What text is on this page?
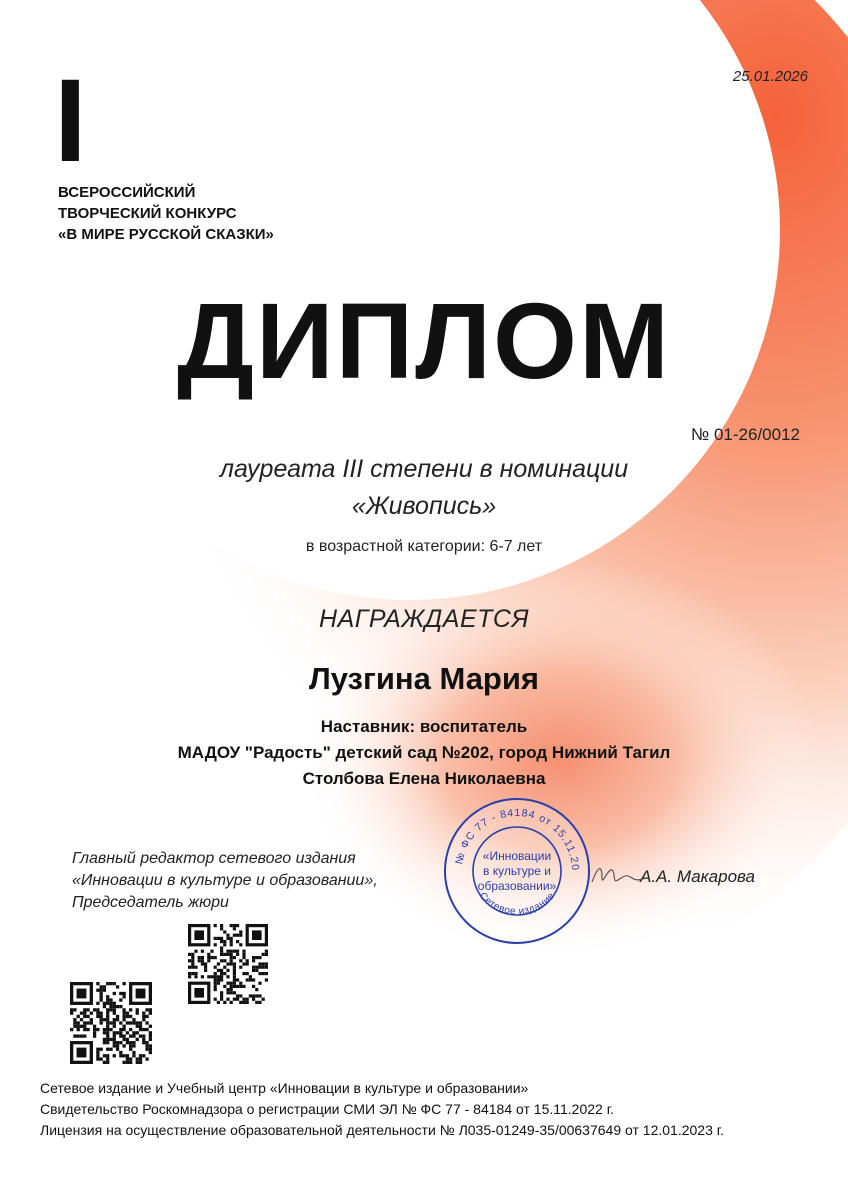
25.01.2026
I
ВСЕРОССИЙСКИЙ
ТВОРЧЕСКИЙ КОНКУРС
«В МИРЕ РУССКОЙ СКАЗКИ»
ДИПЛОМ
№ 01-26/0012
лауреата III степени в номинации
«Живопись»
в возрастной категории: 6-7 лет
НАГРАЖДАЕТСЯ
Лузгина Мария
Наставник: воспитатель
МАДОУ "Радость" детский сад №202, город Нижний Тагил
Столбова Елена Николаевна
Главный редактор сетевого издания
«Инновации в культуре и образовании»,
Председатель жюри
А.А. Макарова
№ ФС 77 - 84184 от 15.11.20
Сетевое издание
«Инновации
в культуре и
образовании»
Сетевое издание и Учебный центр «Инновации в культуре и образовании»
Свидетельство Роскомнадзора о регистрации СМИ ЭЛ № ФС 77 - 84184 от 15.11.2022 г.
Лицензия на осуществление образовательной деятельности № Л035-01249-35/00637649 от 12.01.2023 г.
